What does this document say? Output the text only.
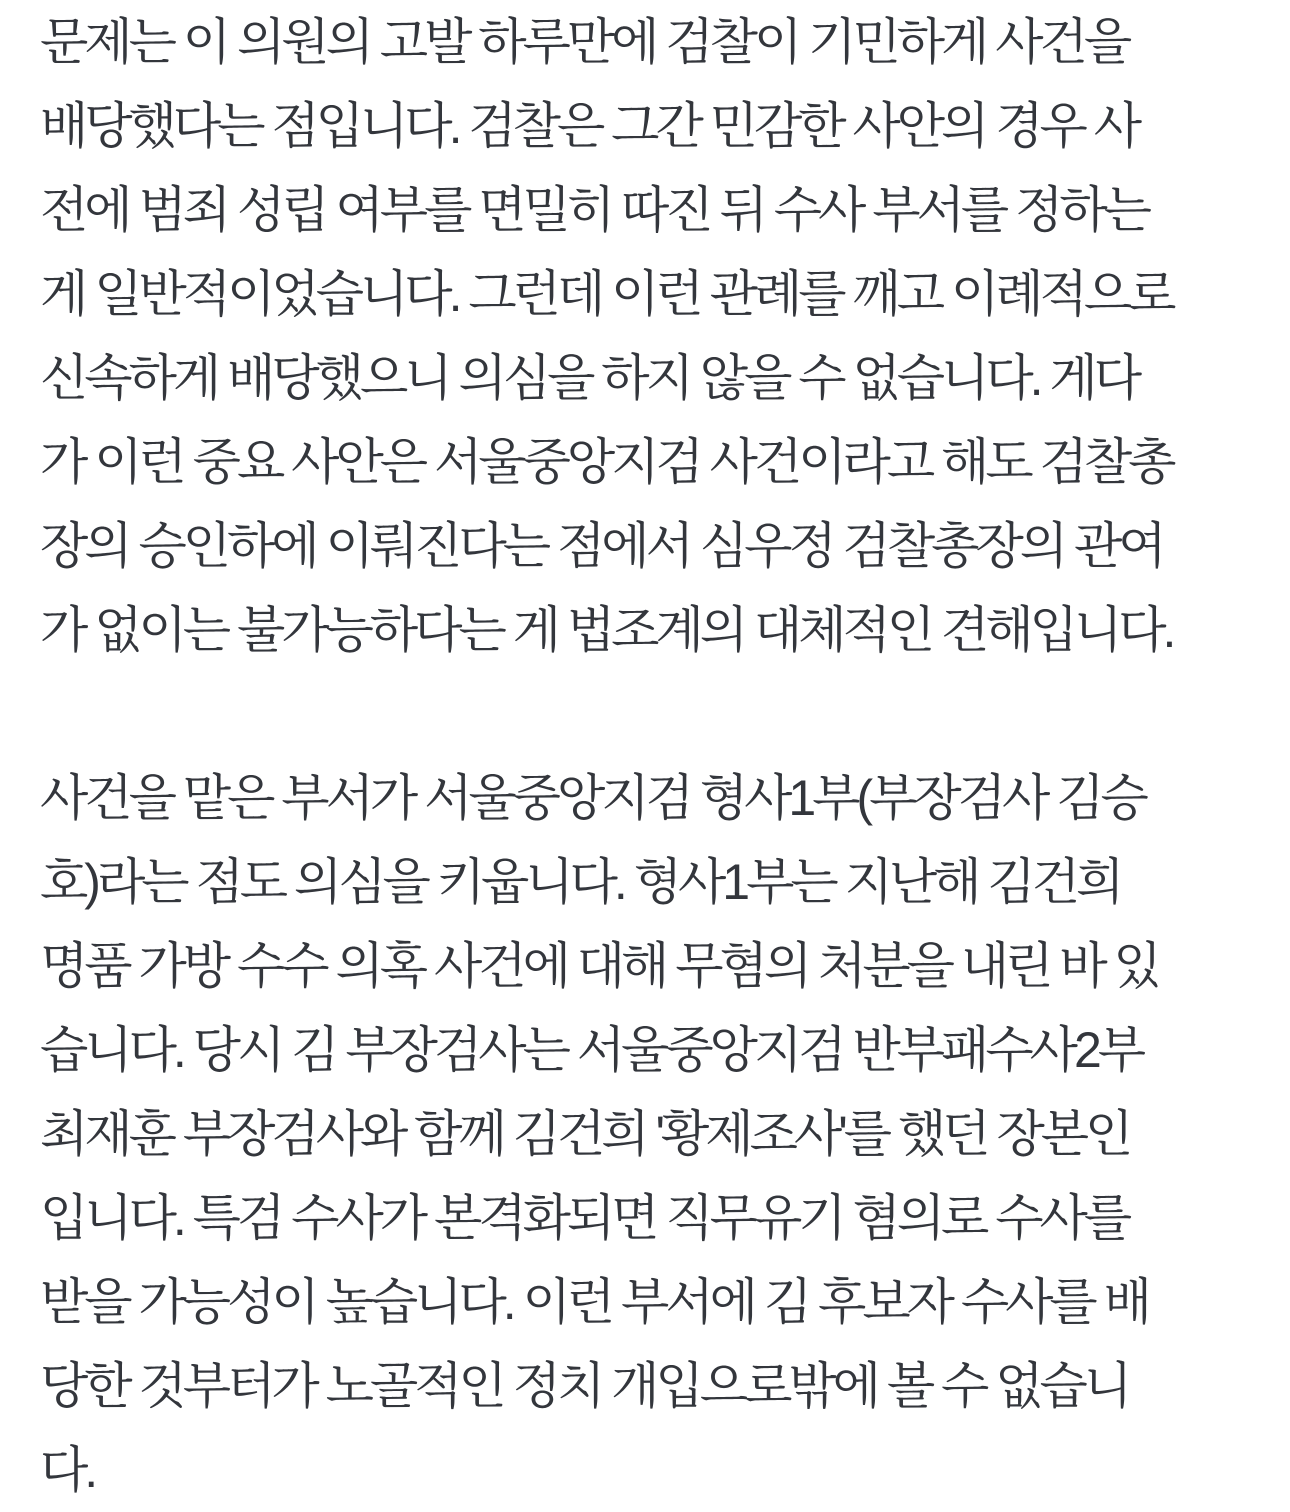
문제는 이 의원의 고발 하루만에 검찰이 기민하게 사건을
배당했다는 점입니다. 검찰은 그간 민감한 사안의 경우 사
전에 범죄 성립 여부를 면밀히 따진 뒤 수사 부서를 정하는
게 일반적이었습니다. 그런데 이런 관례를 깨고 이례적으로
신속하게 배당했으니 의심을 하지 않을 수 없습니다. 게다
가 이런 중요 사안은 서울중앙지검 사건이라고 해도 검찰총
장의 승인하에 이뤄진다는 점에서 심우정 검찰총장의 관여
가 없이는 불가능하다는 게 법조계의 대체적인 견해입니다.
사건을 맡은 부서가 서울중앙지검 형사1부(부장검사 김승
호)라는 점도 의심을 키웁니다. 형사1부는 지난해 김건희
명품 가방 수수 의혹 사건에 대해 무혐의 처분을 내린 바 있
습니다. 당시 김 부장검사는 서울중앙지검 반부패수사2부
최재훈 부장검사와 함께 김건희 '황제조사'를 했던 장본인
입니다. 특검 수사가 본격화되면 직무유기 혐의로 수사를
받을 가능성이 높습니다. 이런 부서에 김 후보자 수사를 배
당한 것부터가 노골적인 정치 개입으로밖에 볼 수 없습니
다.
